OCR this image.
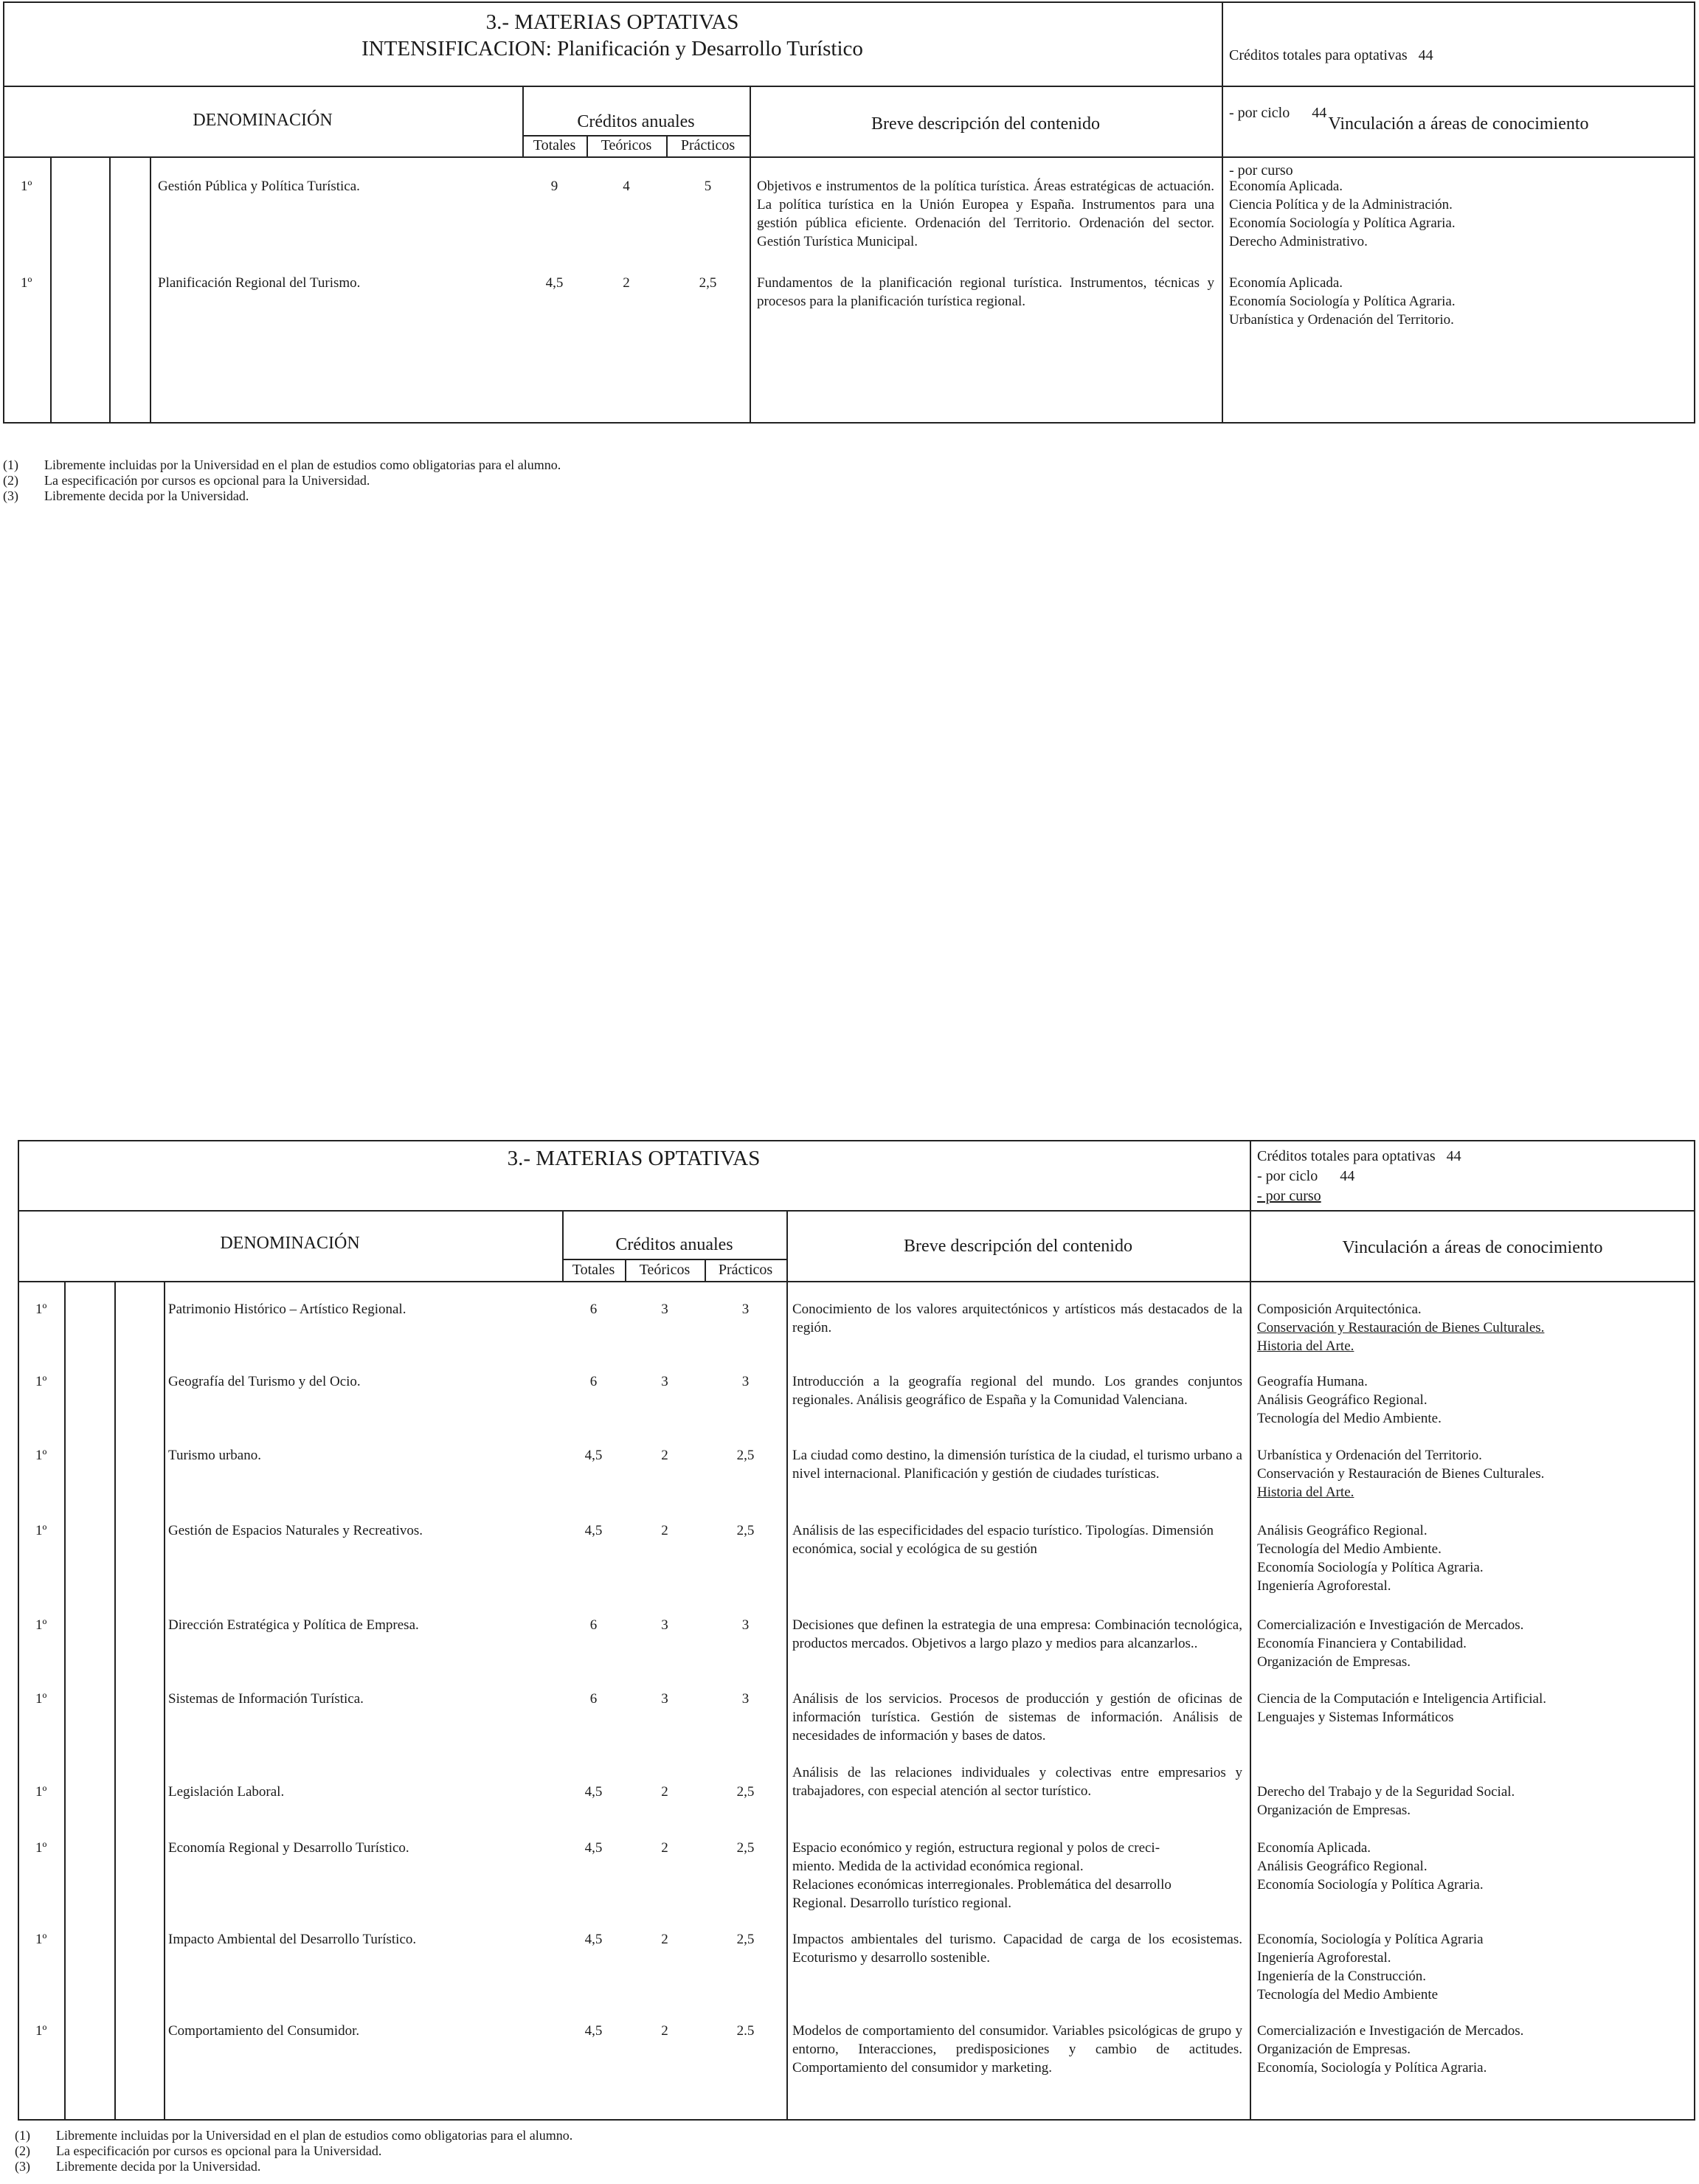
3.- MATERIAS OPTATIVAS
INTENSIFICACION: Planificación y Desarrollo Turístico

	Créditos totales para optativas   44

- por ciclo      44

- por curso

DENOMINACIÓN	Créditos anuales
Totales	Teóricos	Prácticos
Breve descripción del contenido	Vinculación a áreas de conocimiento
1º	Gestión Pública y Política Turística.	9	4	5	Objetivos e instrumentos de la política turística. Áreas estratégicas de actuación. La política turística en la Unión Europea y España. Instrumentos para una gestión pública eficiente. Ordenación del Territorio. Ordenación del sector. Gestión Turística Municipal.
Economía Aplicada.
Ciencia Política y de la Administración.
Economía Sociología y Política Agraria.
Derecho Administrativo.
1º	Planificación Regional del Turismo.	4,5	2	2,5	Fundamentos de la planificación regional turística. Instrumentos, técnicas y procesos para la planificación turística regional.
Economía Aplicada.
Economía Sociología y Política Agraria.
Urbanística y Ordenación del Territorio.
(1) Libremente incluidas por la Universidad en el plan de estudios como obligatorias para el alumno.
(2) La especificación por cursos es opcional para la Universidad.
(3) Libremente decida por la Universidad.
3.- MATERIAS OPTATIVAS	Créditos totales para optativas   44
- por ciclo      44
- por curso
DENOMINACIÓN	Créditos anuales
Totales	Teóricos	Prácticos
Breve descripción del contenido	Vinculación a áreas de conocimiento
1º	Patrimonio Histórico – Artístico Regional.	6	3	3	Conocimiento de los valores arquitectónicos y artísticos más destacados de la región.
Composición Arquitectónica.
Conservación y Restauración de Bienes Culturales.
Historia del Arte.
1º	Geografía del Turismo y del Ocio.	6	3	3	Introducción a la geografía regional del mundo. Los grandes conjuntos regionales. Análisis geográfico de España y la Comunidad Valenciana.
Geografía Humana.
Análisis Geográfico Regional.
Tecnología del Medio Ambiente.
1º	Turismo urbano.	4,5	2	2,5	La ciudad como destino, la dimensión turística de la ciudad, el turismo urbano a nivel internacional. Planificación y gestión de ciudades turísticas.
Urbanística y Ordenación del Territorio.
Conservación y Restauración de Bienes Culturales.
Historia del Arte.
1º	Gestión de Espacios Naturales y Recreativos.	4,5	2	2,5	Análisis de las especificidades del espacio turístico. Tipologías. Dimensión económica, social y ecológica de su gestión
Análisis Geográfico Regional.
Tecnología del Medio Ambiente.
Economía Sociología y Política Agraria.
Ingeniería Agroforestal.
1º	Dirección Estratégica y Política de Empresa.	6	3	3	Decisiones que definen la estrategia de una empresa: Combinación tecnológica, productos mercados. Objetivos a largo plazo y medios para alcanzarlos..
Comercialización e Investigación de Mercados.
Economía Financiera y Contabilidad.
Organización de Empresas.
1º	Sistemas de Información Turística.	6	3	3	Análisis de los servicios. Procesos de producción y gestión de oficinas de información turística. Gestión de sistemas de información. Análisis de necesidades de información y bases de datos.
Ciencia de la Computación e Inteligencia Artificial.
Lenguajes y Sistemas Informáticos
1º	Legislación Laboral.	4,5	2	2,5
Análisis de las relaciones individuales y colectivas entre empresarios y trabajadores, con especial atención al sector turístico.	Derecho del Trabajo y de la Seguridad Social.
Organización de Empresas.
1º	Economía Regional y Desarrollo Turístico.	4,5	2	2,5	Espacio económico y región, estructura regional y polos de creci-
miento. Medida de la actividad económica regional.
Relaciones económicas interregionales. Problemática del desarrollo
Regional. Desarrollo turístico regional.
Economía Aplicada.
Análisis Geográfico Regional.
Economía Sociología y Política Agraria.
1º	Impacto Ambiental del Desarrollo Turístico.	4,5	2	2,5	Impactos ambientales del turismo. Capacidad de carga de los ecosistemas. Ecoturismo y desarrollo sostenible.
Economía, Sociología y Política Agraria
Ingeniería Agroforestal.
Ingeniería de la Construcción.
Tecnología del Medio Ambiente
1º	Comportamiento del Consumidor.	4,5	2	2.5	Modelos de comportamiento del consumidor. Variables psicológicas de grupo y entorno, Interacciones, predisposiciones y cambio de actitudes. Comportamiento del consumidor y marketing.
Comercialización e Investigación de Mercados.
Organización de Empresas.
Economía, Sociología y Política Agraria.
(1) Libremente incluidas por la Universidad en el plan de estudios como obligatorias para el alumno.
(2) La especificación por cursos es opcional para la Universidad.
(3) Libremente decida por la Universidad.
